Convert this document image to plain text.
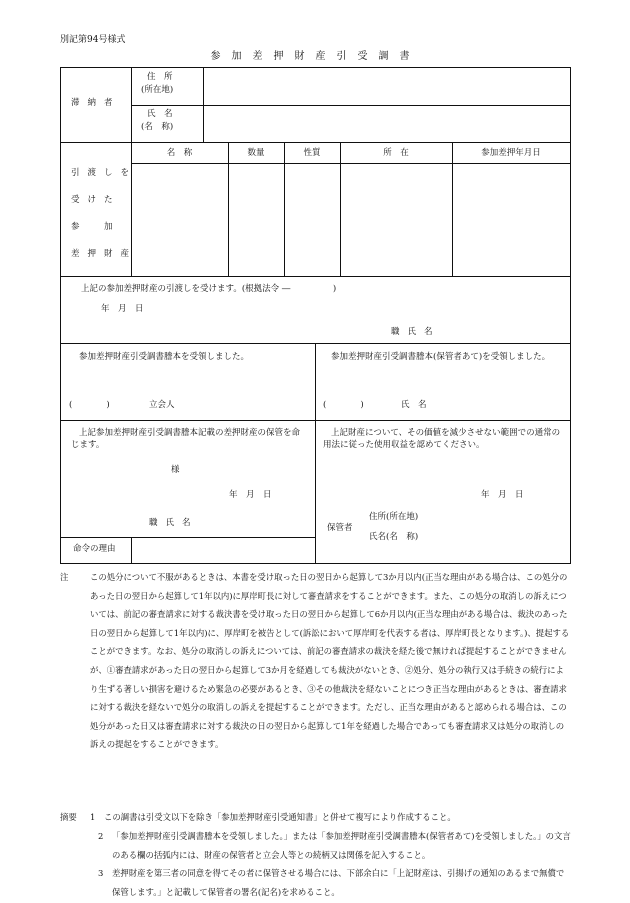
別記第94号様式
参加差押財産引受調書
滞納者
住　所
(所在地)
氏　名
(名　称)
名　称	数量	性質	所　在	参加差押年月日
引渡しを
受けた
参　加
差押財産
上記の参加差押財産の引渡しを受けます。(根拠法令 ―　　　　　)
年　月　日
職氏名
参加差押財産引受調書謄本を受領しました。
(　　　　)	立会人
参加差押財産引受調書謄本(保管者あて)を受領しました。
(　　　　)	氏　名
上記参加差押財産引受調書謄本記載の差押財産の保管を命じます。
様
年　月　日
職氏名
命令の理由
上記財産について、その価値を減少させない範囲での通常の用法に従った使用収益を認めてください。
年　月　日
保管者
住所(所在地)
氏名(名　称)
注	この処分について不服があるときは、本書を受け取った日の翌日から起算して3か月以内(正当な理由がある場合は、この処分のあった日の翌日から起算して1年以内)に厚岸町長に対して審査請求をすることができます。また、この処分の取消しの訴えについては、前記の審査請求に対する裁決書を受け取った日の翌日から起算して6か月以内(正当な理由がある場合は、裁決のあった日の翌日から起算して1年以内)に、厚岸町を被告として(訴訟において厚岸町を代表する者は、厚岸町長となります。)、提起することができます。なお、処分の取消しの訴えについては、前記の審査請求の裁決を経た後で無ければ提起することができませんが、①審査請求があった日の翌日から起算して3か月を経過しても裁決がないとき、②処分、処分の執行又は手続きの続行により生ずる著しい損害を避けるため緊急の必要があるとき、③その他裁決を経ないことにつき正当な理由があるときは、審査請求に対する裁決を経ないで処分の取消しの訴えを提起することができます。ただし、正当な理由があると認められる場合は、この処分があった日又は審査請求に対する裁決の日の翌日から起算して1年を経過した場合であっても審査請求又は処分の取消しの訴えの提起をすることができます。
摘要 1 この調書は引受文以下を除き「参加差押財産引受通知書」と併せて複写により作成すること。
2 「参加差押財産引受調書謄本を受領しました。」または「参加差押財産引受調書謄本(保管者あて)を受領しました。」の文言のある欄の括弧内には、財産の保管者と立会人等との続柄又は関係を記入すること。
3 差押財産を第三者の同意を得てその者に保管させる場合には、下部余白に「上記財産は、引揚げの通知のあるまで無償で保管します。」と記載して保管者の署名(記名)を求めること。
